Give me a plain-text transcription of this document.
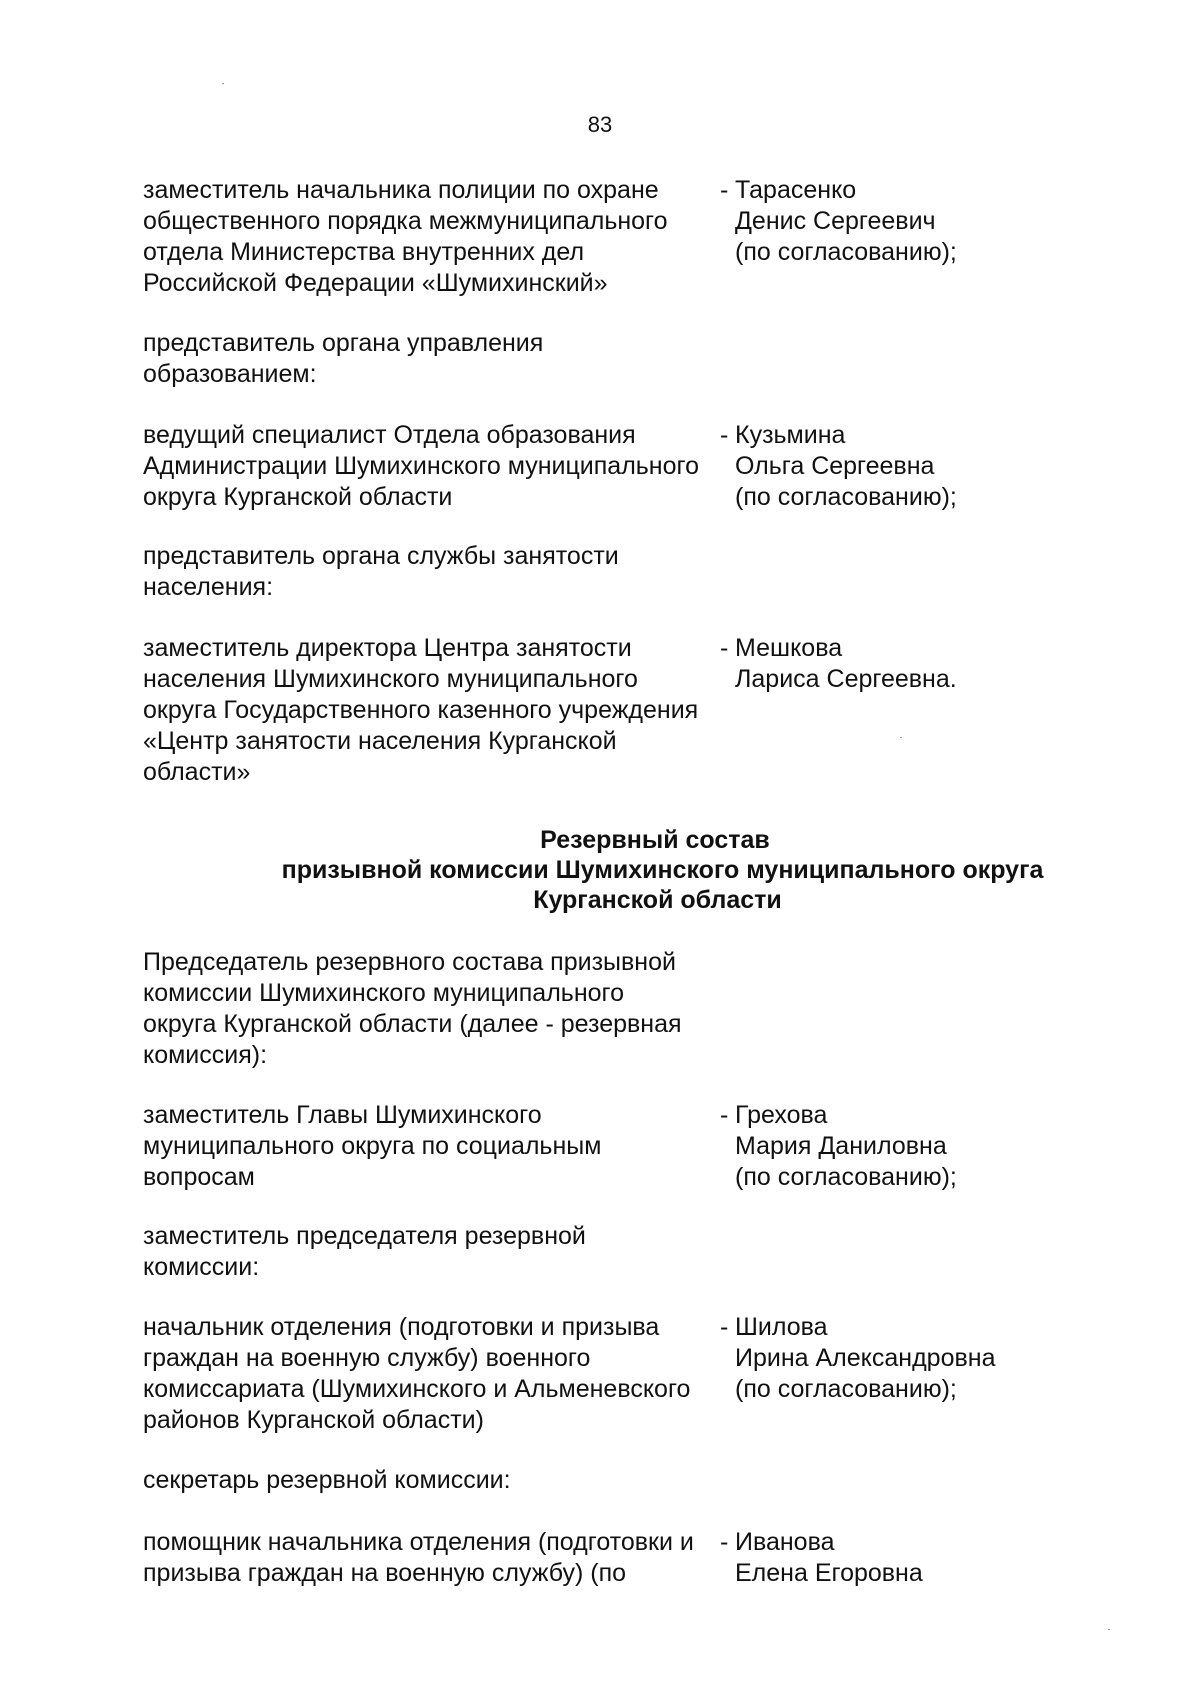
83
заместитель начальника полиции по охране
общественного порядка межмуниципального
отдела Министерства внутренних дел
Российской Федерации «Шумихинский»
- Тарасенко
Денис Сергеевич
(по согласованию);
представитель органа управления
образованием:
ведущий специалист Отдела образования
Администрации Шумихинского муниципального
округа Курганской области
- Кузьмина
Ольга Сергеевна
(по согласованию);
представитель органа службы занятости
населения:
заместитель директора Центра занятости
населения Шумихинского муниципального
округа Государственного казенного учреждения
«Центр занятости населения Курганской
области»
- Мешкова
Лариса Сергеевна.
Резервный состав
призывной комиссии Шумихинского муниципального округа
Курганской области
Председатель резервного состава призывной
комиссии Шумихинского муниципального
округа Курганской области (далее - резервная
комиссия):
заместитель Главы Шумихинского
муниципального округа по социальным
вопросам
- Грехова
Мария Даниловна
(по согласованию);
заместитель председателя резервной
комиссии:
начальник отделения (подготовки и призыва
граждан на военную службу) военного
комиссариата (Шумихинского и Альменевского
районов Курганской области)
- Шилова
Ирина Александровна
(по согласованию);
секретарь резервной комиссии:
помощник начальника отделения (подготовки и
призыва граждан на военную службу) (по
- Иванова
Елена Егоровна
